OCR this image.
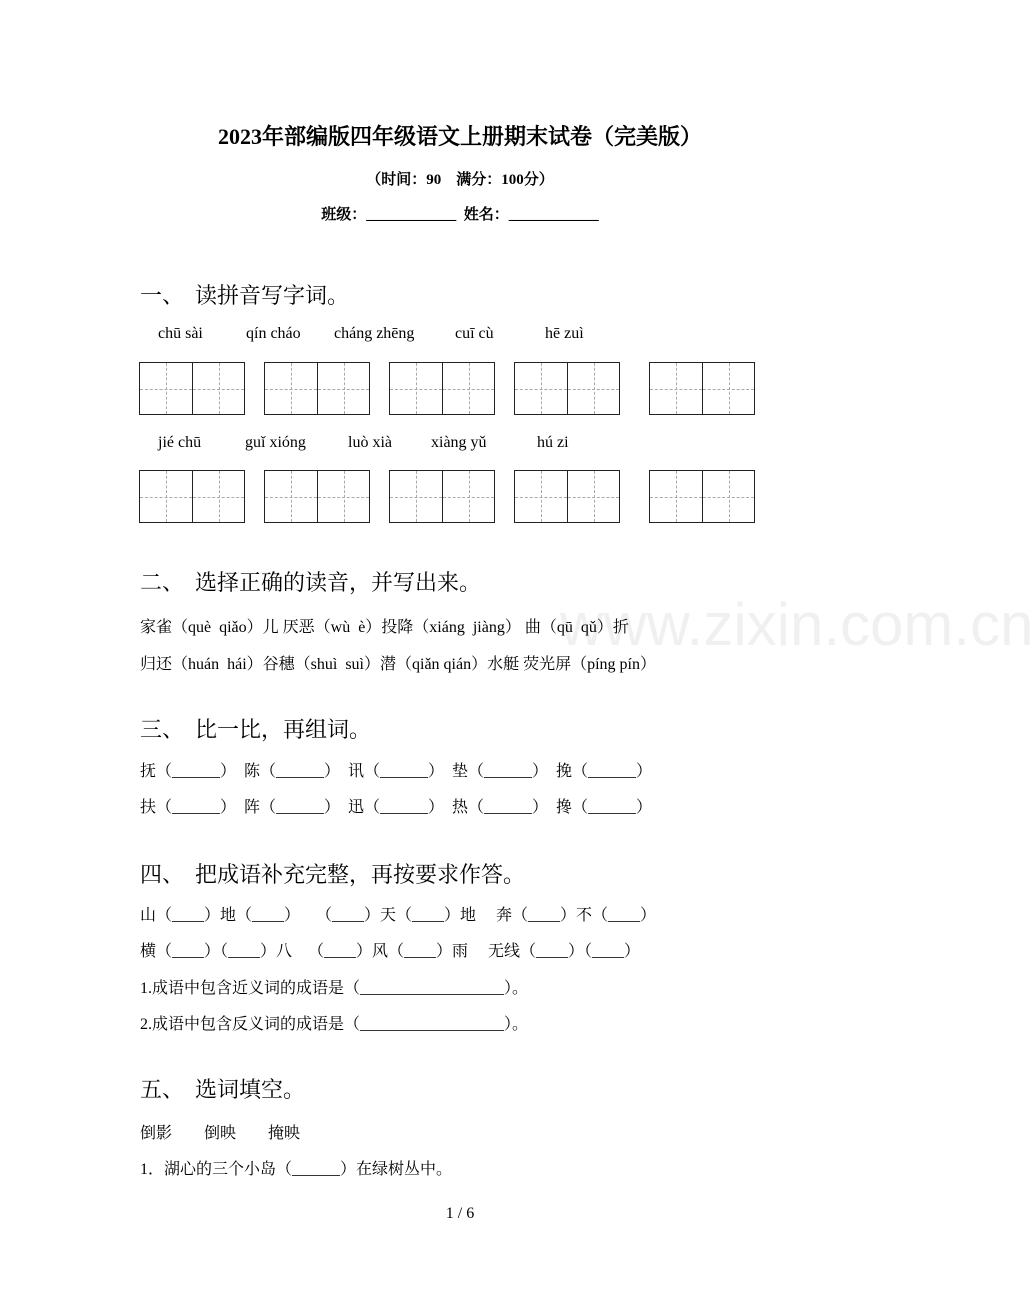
www.zixin.com.cn
2023年部编版四年级语文上册期末试卷（完美版）
（时间：90　满分：100分）
班级：____________  姓名：____________
一、　读拼音写字词。
chū sài	qín cháo cháng zhēng	cuī cù	hē zuì
jié chū	guǐ xióng	luò xià xiàng yǔ	hú zi
二、　选择正确的读音，并写出来。
家雀（què  qiǎo）儿 厌恶（wù  è）投降（xiáng  jiàng） 曲（qū  qǔ）折
归还（huán  hái）谷穗（shuì  suì）潜（qiǎn qián）水艇 荧光屏（píng pín）
三、　比一比，再组词。
抚（______）  陈（______）  讯（______）  垫（______）  挽（______）
扶（______）  阵（______）  迅（______）  热（______）  搀（______）
四、　把成语补充完整，再按要求作答。
山（____）地（____）    （____）天（____）地     奔（____）不（____）
横（____）（____）八    （____）风（____）雨     无线（____）（____）
1.成语中包含近义词的成语是（__________________）。
2.成语中包含反义词的成语是（__________________）。
五、　选词填空。
倒影　　倒映　　掩映
1．湖心的三个小岛（______）在绿树丛中。
1 / 6
